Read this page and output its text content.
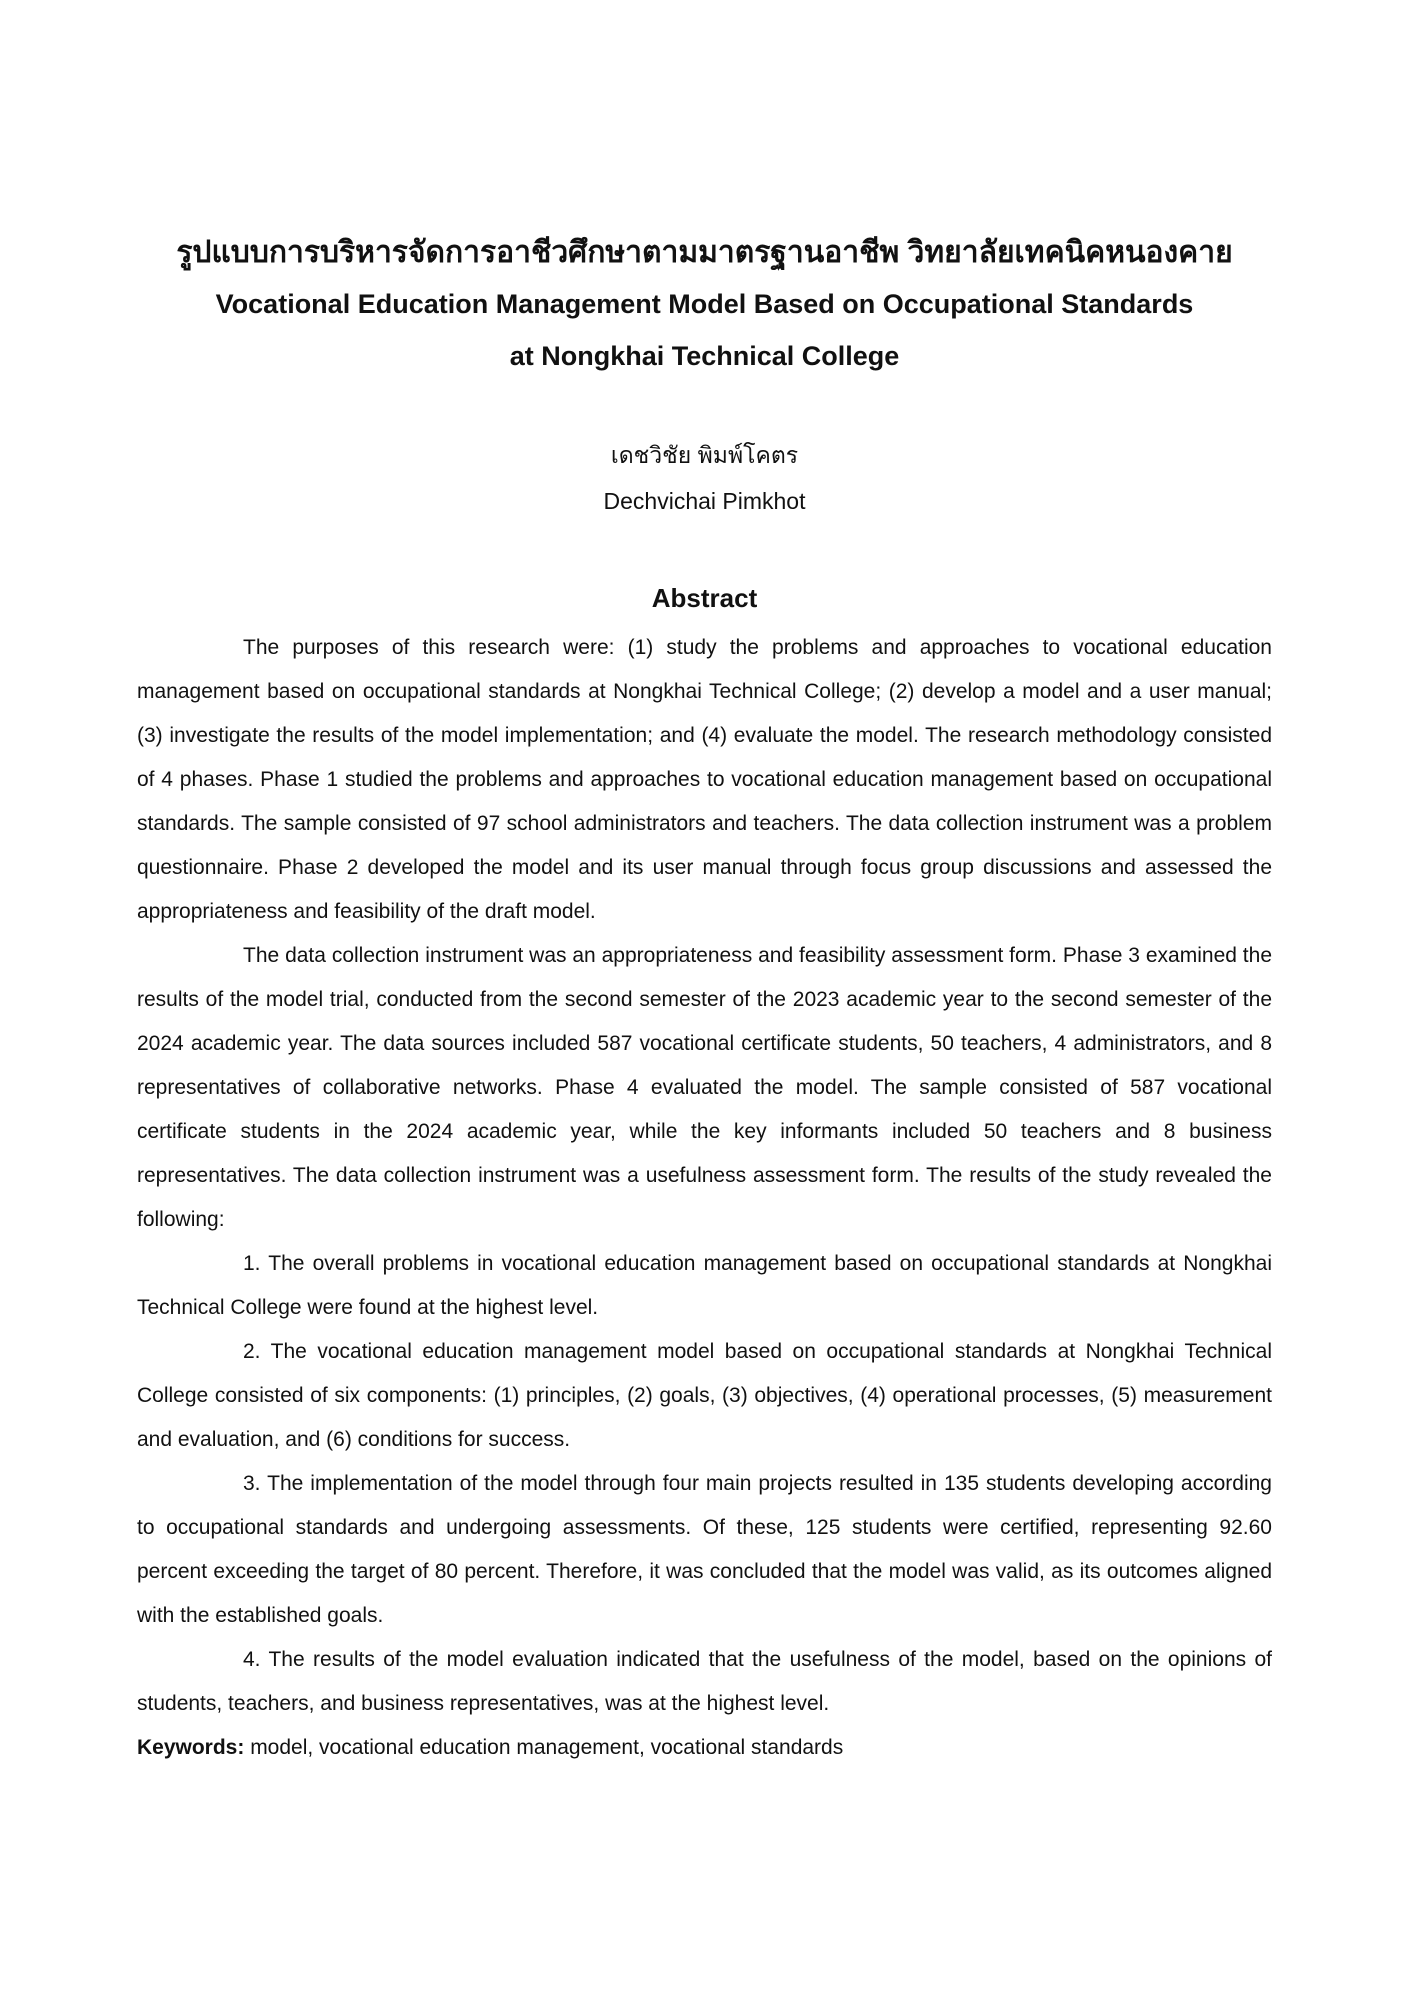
รูปแบบการบริหารจัดการอาชีวศึกษาตามมาตรฐานอาชีพ วิทยาลัยเทคนิคหนองคาย
Vocational Education Management Model Based on Occupational Standards
at Nongkhai Technical College

เดชวิชัย พิมพ์โคตร

Dechvichai Pimkhot

Abstract

The purposes of this research were: (1) study the problems and approaches to vocational education management based on occupational standards at Nongkhai Technical College; (2) develop a model and a user manual; (3) investigate the results of the model implementation; and (4) evaluate the model. The research methodology consisted of 4 phases. Phase 1 studied the problems and approaches to vocational education management based on occupational standards. The sample consisted of 97 school administrators and teachers. The data collection instrument was a problem questionnaire. Phase 2 developed the model and its user manual through focus group discussions and assessed the appropriateness and feasibility of the draft model.

The data collection instrument was an appropriateness and feasibility assessment form. Phase 3 examined the results of the model trial, conducted from the second semester of the 2023 academic year to the second semester of the 2024 academic year. The data sources included 587 vocational certificate students, 50 teachers, 4 administrators, and 8 representatives of collaborative networks. Phase 4 evaluated the model. The sample consisted of 587 vocational certificate students in the 2024 academic year, while the key informants included 50 teachers and 8 business representatives. The data collection instrument was a usefulness assessment form. The results of the study revealed the following:

1. The overall problems in vocational education management based on occupational standards at Nongkhai Technical College were found at the highest level.

2. The vocational education management model based on occupational standards at Nongkhai Technical College consisted of six components: (1) principles, (2) goals, (3) objectives, (4) operational processes, (5) measurement and evaluation, and (6) conditions for success.

3. The implementation of the model through four main projects resulted in 135 students developing according to occupational standards and undergoing assessments. Of these, 125 students were certified, representing 92.60 percent exceeding the target of 80 percent. Therefore, it was concluded that the model was valid, as its outcomes aligned with the established goals.

4. The results of the model evaluation indicated that the usefulness of the model, based on the opinions of students, teachers, and business representatives, was at the highest level.

Keywords: model, vocational education management, vocational standards
